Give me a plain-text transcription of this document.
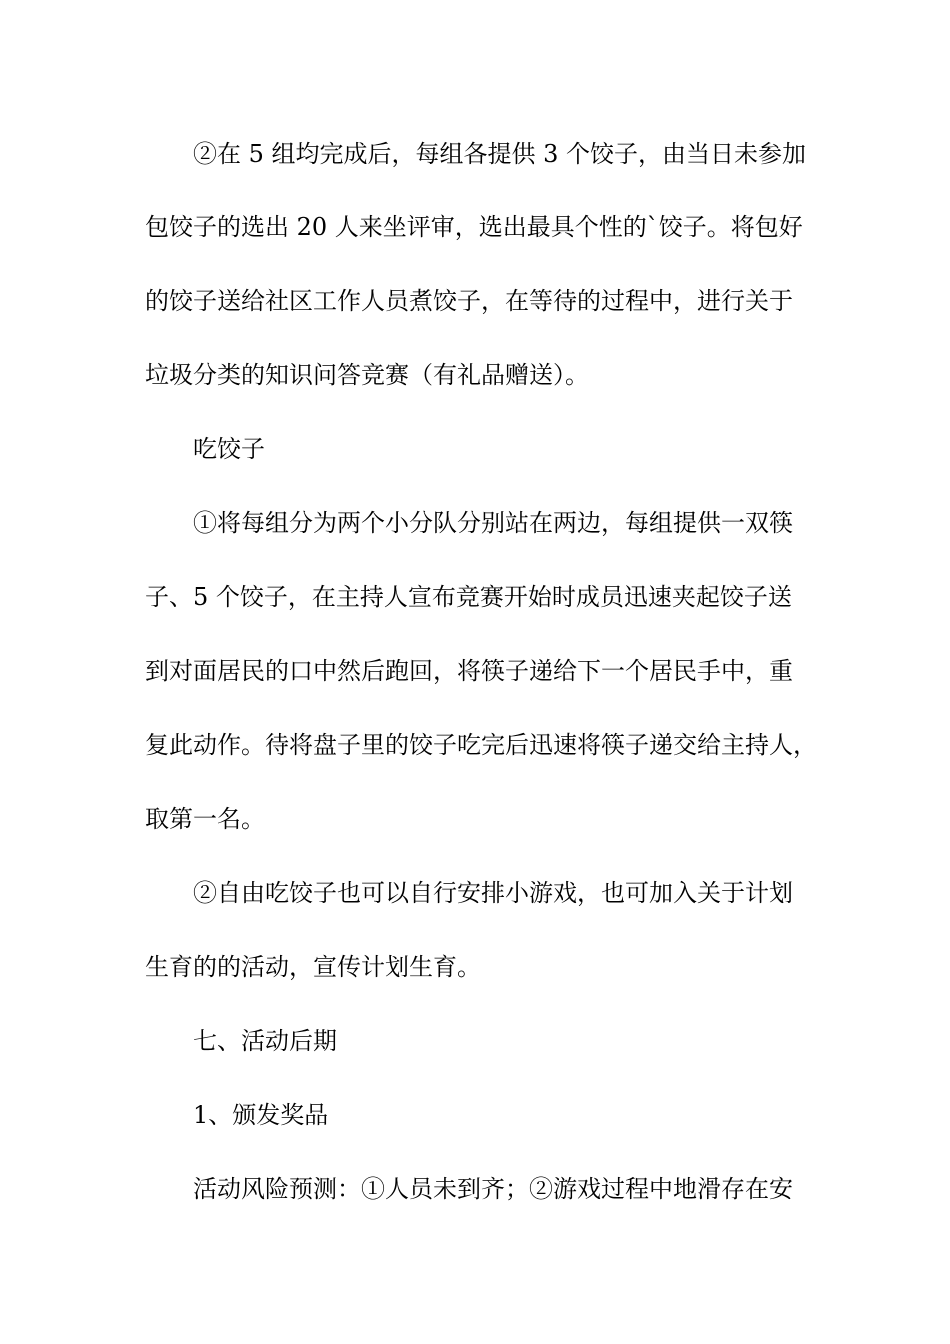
②在 5 组均完成后，每组各提供 3 个饺子，由当日未参加

包饺子的选出 20 人来坐评审，选出最具个性的`饺子。将包好

的饺子送给社区工作人员煮饺子，在等待的过程中，进行关于

垃圾分类的知识问答竞赛（有礼品赠送）。

吃饺子

①将每组分为两个小分队分别站在两边，每组提供一双筷

子、5 个饺子，在主持人宣布竞赛开始时成员迅速夹起饺子送

到对面居民的口中然后跑回，将筷子递给下一个居民手中，重

复此动作。待将盘子里的饺子吃完后迅速将筷子递交给主持人，

取第一名。

②自由吃饺子也可以自行安排小游戏，也可加入关于计划

生育的的活动，宣传计划生育。

七、活动后期

1、颁发奖品

活动风险预测：①人员未到齐；②游戏过程中地滑存在安
